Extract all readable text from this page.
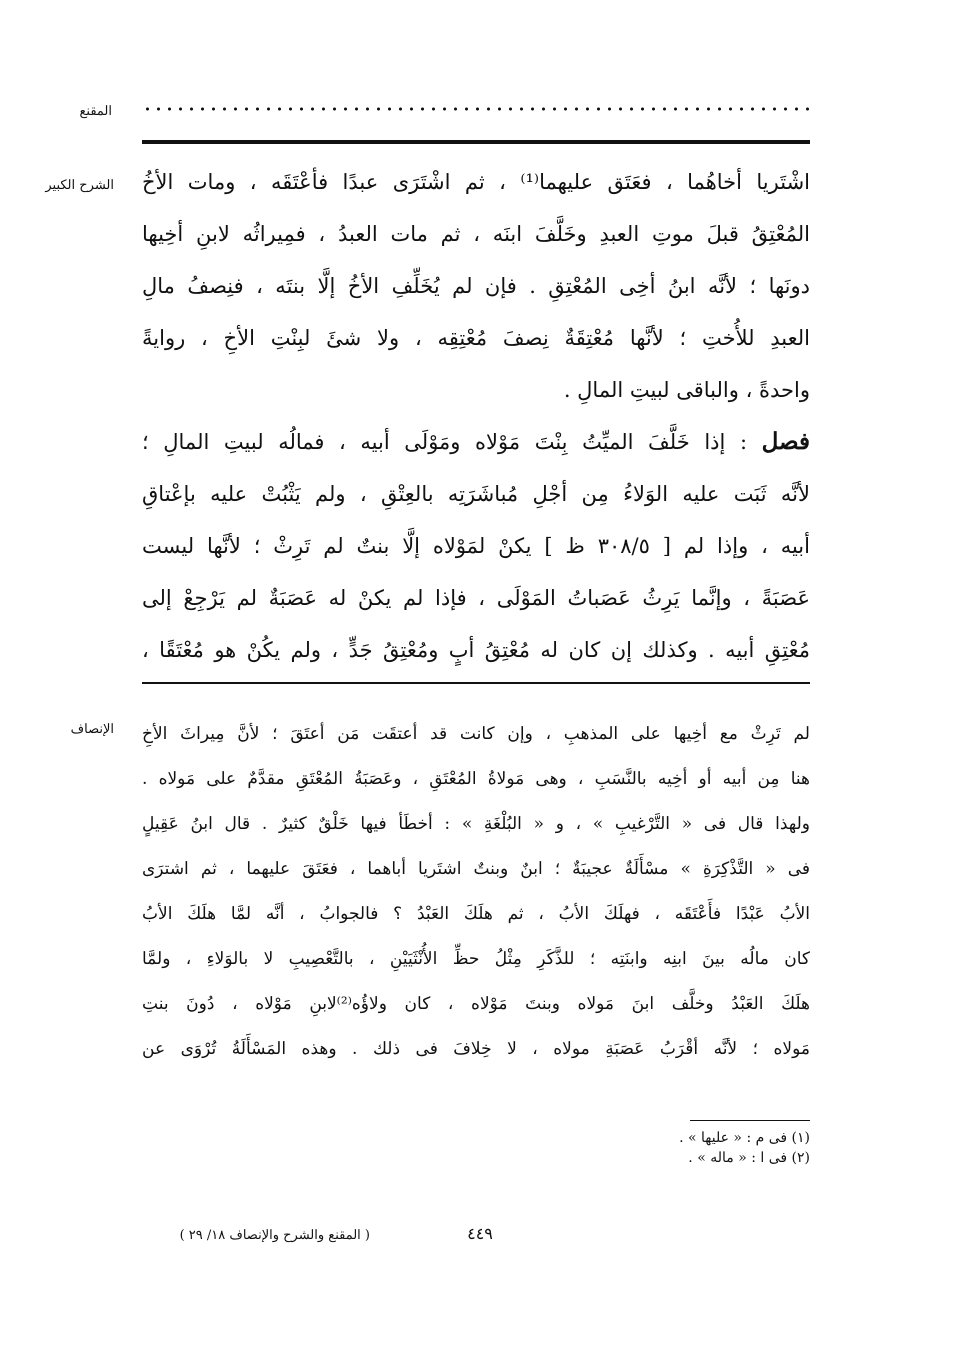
المقنع
الشرح الكبير اشْتَريا أخاهُما ، فعَتَق عليهما⁽¹⁾ ، ثم اشْتَرَى عبدًا فأعْتَقَه ، ومات الأخُ
المُعْتِقُ قبلَ موتِ العبدِ وخَلَّفَ ابنَه ، ثم مات العبدُ ، فمِيراثُه لابنِ أخِيها
دونَها ؛ لأنَّه ابنُ أخِى المُعْتِقِ . فإن لم يُخَلِّفِ الأخُ إلَّا بنتَه ، فنِصفُ مالِ
العبدِ للأُختِ ؛ لأنَّها مُعْتِقَةٌ نِصفَ مُعْتِقِه ، ولا شئَ لبِنْتِ الأخِ ، روايةً
واحدةً ، والباقى لبيتِ المالِ .
فصل : إذا خَلَّفَ الميِّتُ بِنْتَ مَوْلاه ومَوْلَى أبيه ، فمالُه لبيتِ المالِ ؛
لأنَّه ثَبَت عليه الوَلاءُ مِن أجْلِ مُباشَرَتِه بالعِتْقِ ، ولم يَثْبُتْ عليه بإعْتاقِ
أبيه ، وإذا لم [ ٣٠٨/٥ ظ ] يكنْ لمَوْلاه إلَّا بنتٌ لم تَرِثْ ؛ لأنَّها ليست
عَصَبَةً ، وإنَّما يَرِثُ عَصَباتُ المَوْلَى ، فإذا لم يكنْ له عَصَبَةٌ لم يَرْجِعْ إلى
مُعْتِقِ أبيه . وكذلك إن كان له مُعْتِقُ أبٍ ومُعْتِقُ جَدٍّ ، ولم يكُنْ هو مُعْتَقًا ،
الإنصاف لم تَرِثْ مع أخِيها على المذهبِ ، وإن كانت قد أعتقَت مَن أعتَقَ ؛ لأنَّ مِيراثَ الأخِ
هنا مِن أبيه أو أخِيه بالنَّسَبِ ، وهى مَولاةُ المُعْتَقِ ، وعَصَبَةُ المُعْتَقِ مقدَّمٌ على مَولاه .
ولهذا قال فى « التَّرْغيبِ » ، و « البُلْغَةِ » : أخطَأ فيها خَلْقٌ كثيرٌ . قال ابنُ عَقِيلٍ
فى « التَّذْكِرَةِ » مسْأَلَةٌ عجيبَةٌ ؛ ابنٌ وبنتٌ اشتَريا أباهما ، فعَتَقَ عليهما ، ثم اشترَى
الأبُ عَبْدًا فأَعْتَقَه ، فهلَكَ الأبُ ، ثم هلَكَ العَبْدُ ؟ فالجوابُ ، أنَّه لمَّا هلَكَ الأبُ
كان مالُه بينَ ابنِه وابنَتِه ؛ للذَّكَرِ مِثْلُ حظِّ الأُنْثَيَيْنِ ، بالتَّعْصِيبِ لا بالوَلاءِ ، ولمَّا
هلَكَ العَبْدُ وخلَّف ابنَ مَولاه وبنتَ مَوْلاه ، كان ولاؤُه⁽²⁾لابنِ مَوْلاه ، دُونَ بنتِ
مَولاه ؛ لأنَّه أقْرَبُ عَصَبَةِ مولاه ، لا خِلافَ فى ذلك . وهذه المَسْأَلَةُ تُرْوَى عن
(١) فى م : « عليها » .
(٢) فى ا : « ماله » .
٤٤٩
( المقنع والشرح والإنصاف ١٨/ ٢٩ )
